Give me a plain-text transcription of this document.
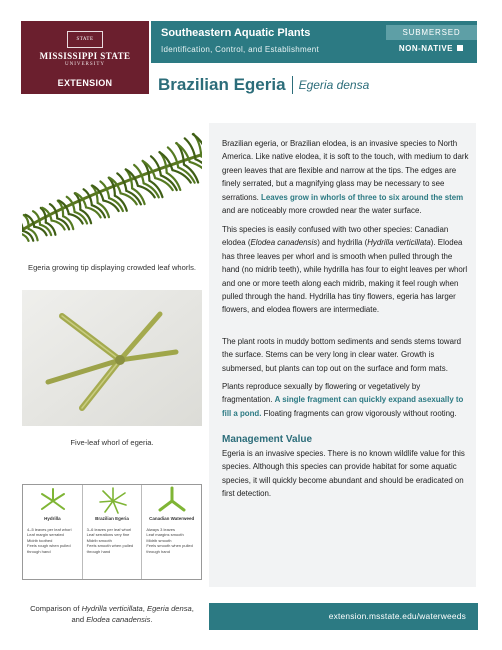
STATE
MISSISSIPPI STATE
UNIVERSITY
EXTENSION
Southeastern Aquatic Plants
Identification, Control, and Establishment	NON-NATIVE
SUBMERSED
Brazilian Egeria Egeria densa
Egeria growing tip displaying crowded leaf whorls.
Five-leaf whorl of egeria.
Hydrilla
4–5 leaves per leaf whorl
Leaf margin serrated
Midrib toothed
Feels rough when pulled through hand
Brazilian Egeria
3–6 leaves per leaf whorl
Leaf serrations very fine
Midrib smooth
Feels smooth when pulled through hand
Canadian Waterweed
Always 3 leaves
Leaf margins smooth
Midrib smooth
Feels smooth when pulled through hand
Comparison of Hydrilla verticillata, Egeria densa,
and Elodea canadensis.
Brazilian egeria, or Brazilian elodea, is an invasive species to North America. Like native elodea, it is soft to the touch, with medium to dark green leaves that are flexible and narrow at the tips. The edges are finely serrated, but a magnifying glass may be necessary to see serrations. Leaves grow in whorls of three to six around the stem and are noticeably more crowded near the water surface.
This species is easily confused with two other species: Canadian elodea (Elodea canadensis) and hydrilla (Hydrilla verticillata). Elodea has three leaves per whorl and is smooth when pulled through the hand (no midrib teeth), while hydrilla has four to eight leaves per whorl and one or more teeth along each midrib, making it feel rough when pulled through the hand. Hydrilla has tiny flowers, egeria has larger flowers, and elodea flowers are intermediate.
The plant roots in muddy bottom sediments and sends stems toward the surface. Stems can be very long in clear water. Growth is submersed, but plants can top out on the surface and form mats.
Plants reproduce sexually by flowering or vegetatively by fragmentation. A single fragment can quickly expand asexually to fill a pond. Floating fragments can grow vigorously without rooting.
Management Value
Egeria is an invasive species. There is no known wildlife value for this species. Although this species can provide habitat for some aquatic species, it will quickly become abundant and should be eradicated on first detection.
extension.msstate.edu/waterweeds
